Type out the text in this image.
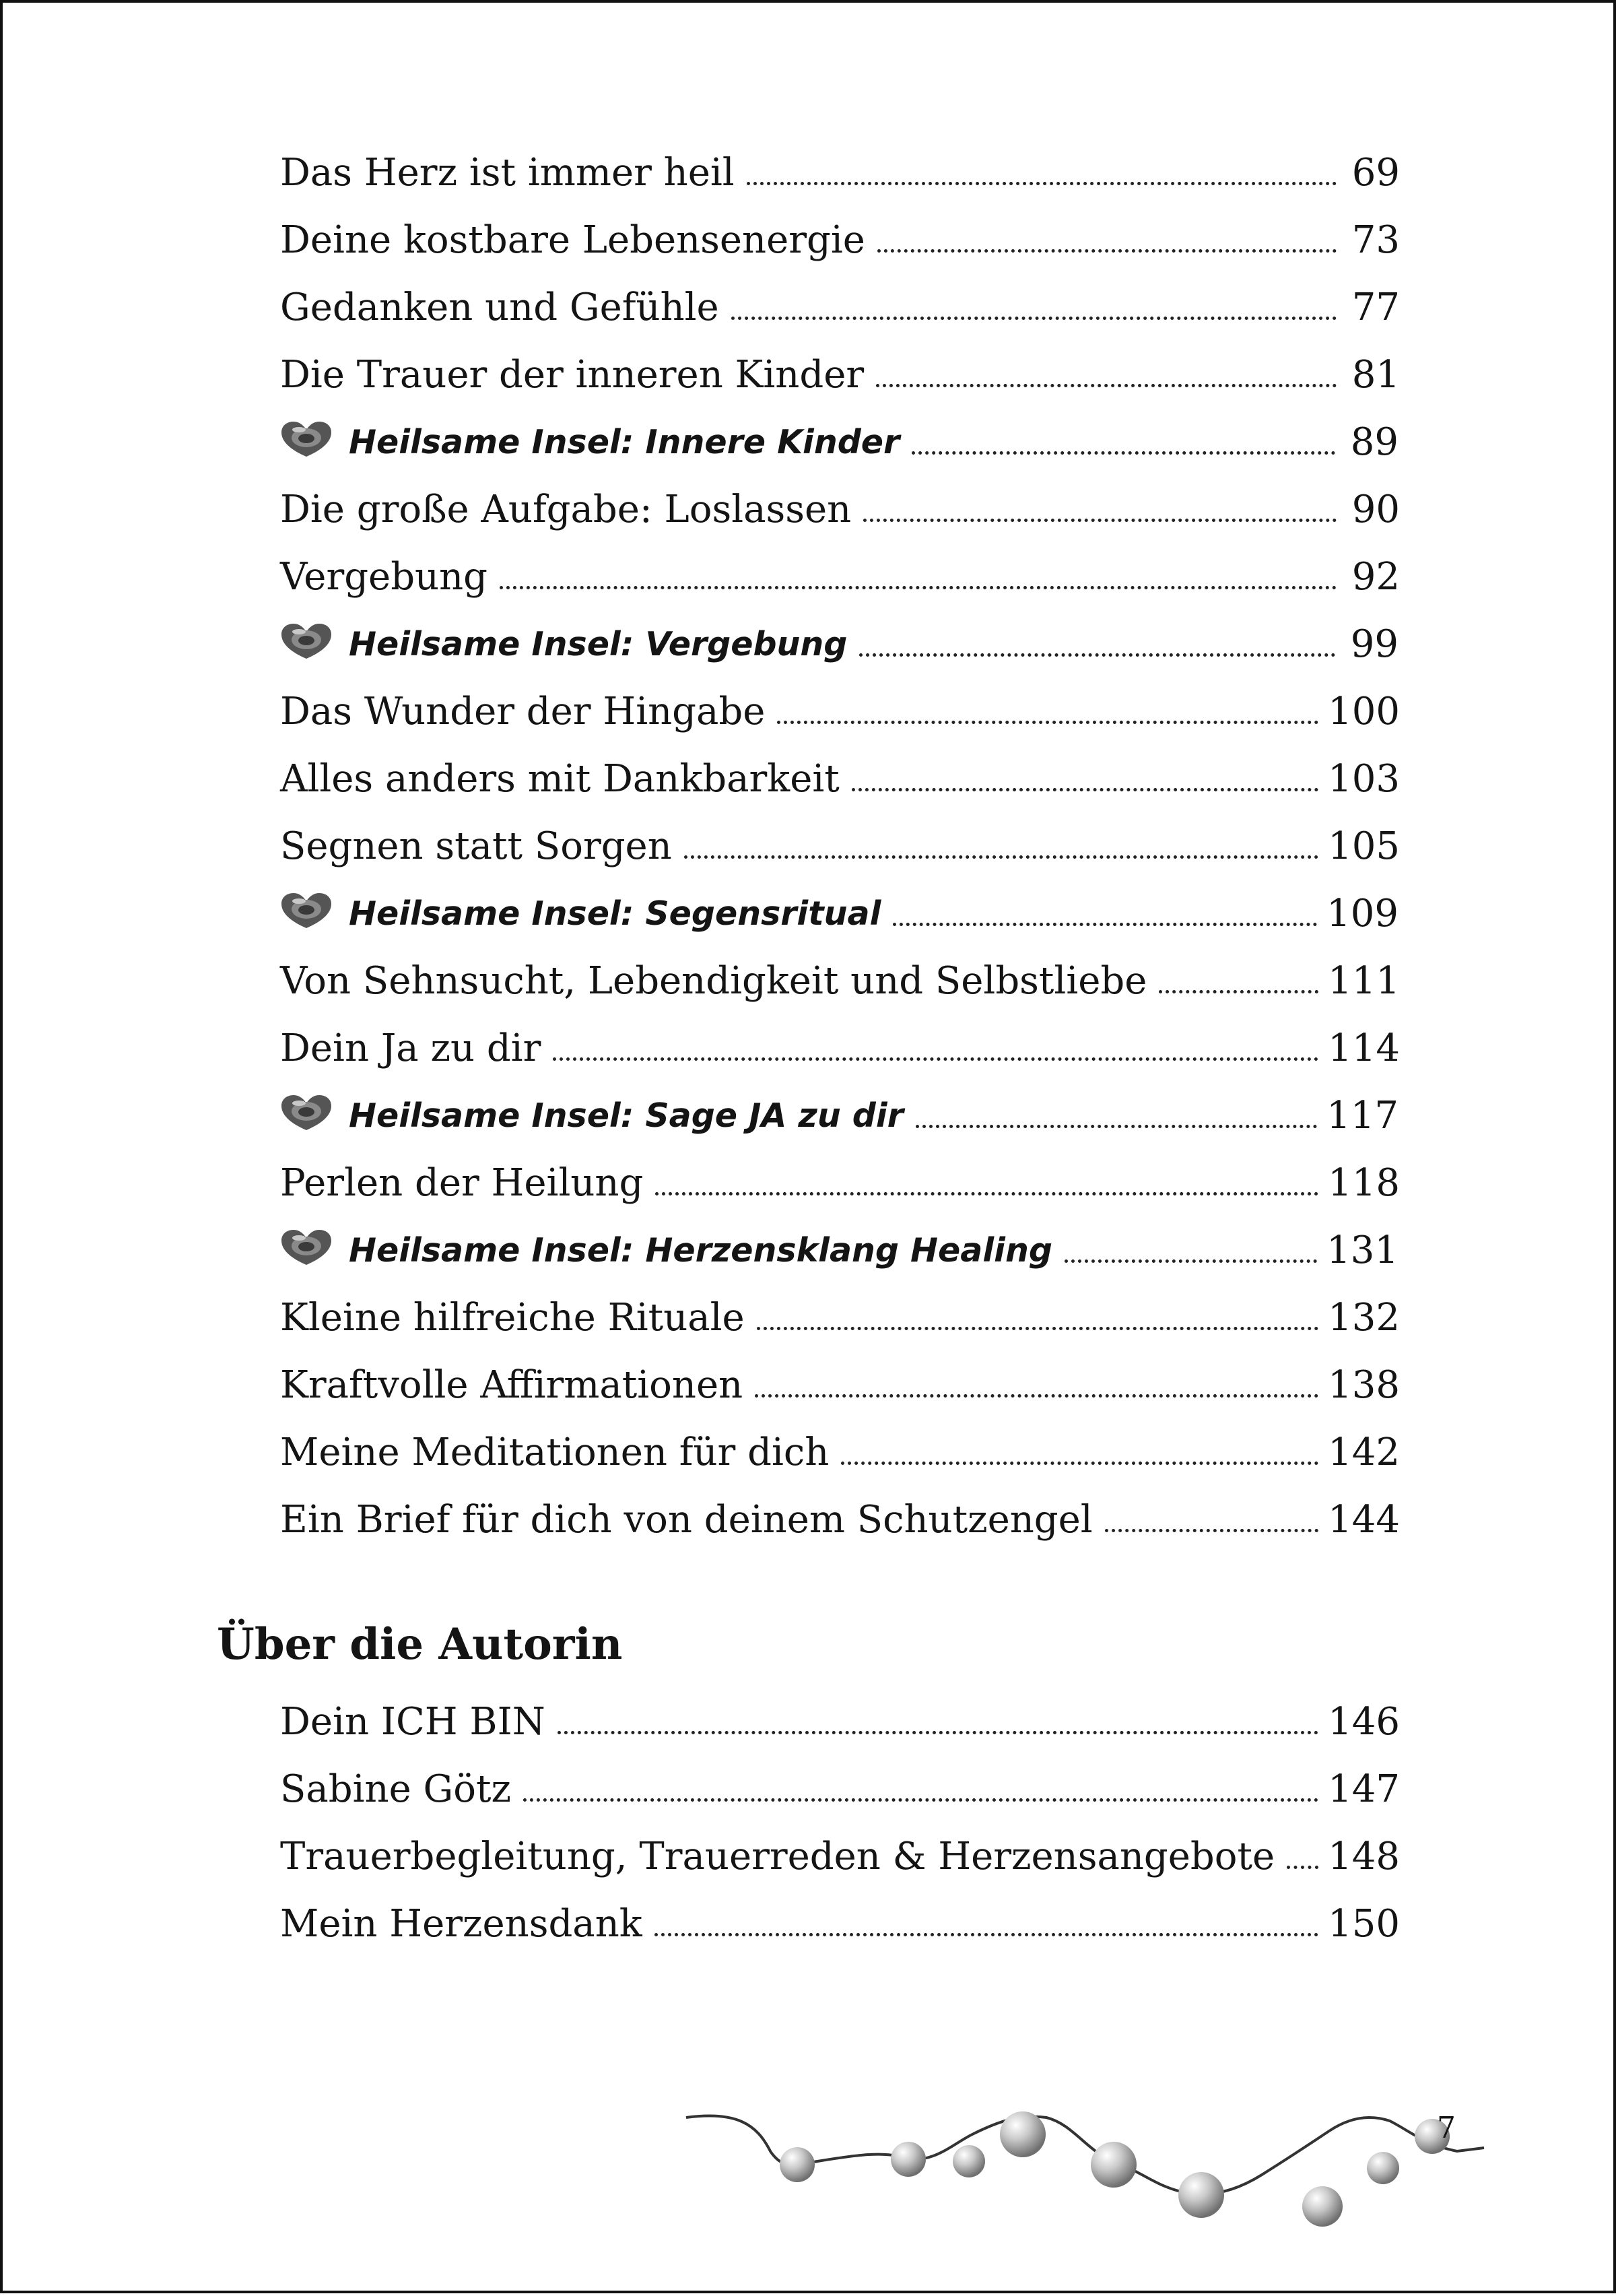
Das Herz ist immer heil	69
Deine kostbare Lebensenergie	73
Gedanken und Gefühle	77
Die Trauer der inneren Kinder	81
Heilsame Insel: Innere Kinder	89
Die große Aufgabe: Loslassen	90
Vergebung	92
Heilsame Insel: Vergebung	99
Das Wunder der Hingabe	100
Alles anders mit Dankbarkeit	103
Segnen statt Sorgen	105
Heilsame Insel: Segensritual	109
Von Sehnsucht, Lebendigkeit und Selbstliebe	111
Dein Ja zu dir	114
Heilsame Insel: Sage JA zu dir	117
Perlen der Heilung	118
Heilsame Insel: Herzensklang Healing	131
Kleine hilfreiche Rituale	132
Kraftvolle Affirmationen	138
Meine Meditationen für dich	142
Ein Brief für dich von deinem Schutzengel	144
Dein ICH BIN	146
Sabine Götz	147
Trauerbegleitung, Trauerreden & Herzensangebote 148
Mein Herzensdank	150
Über die Autorin
7
